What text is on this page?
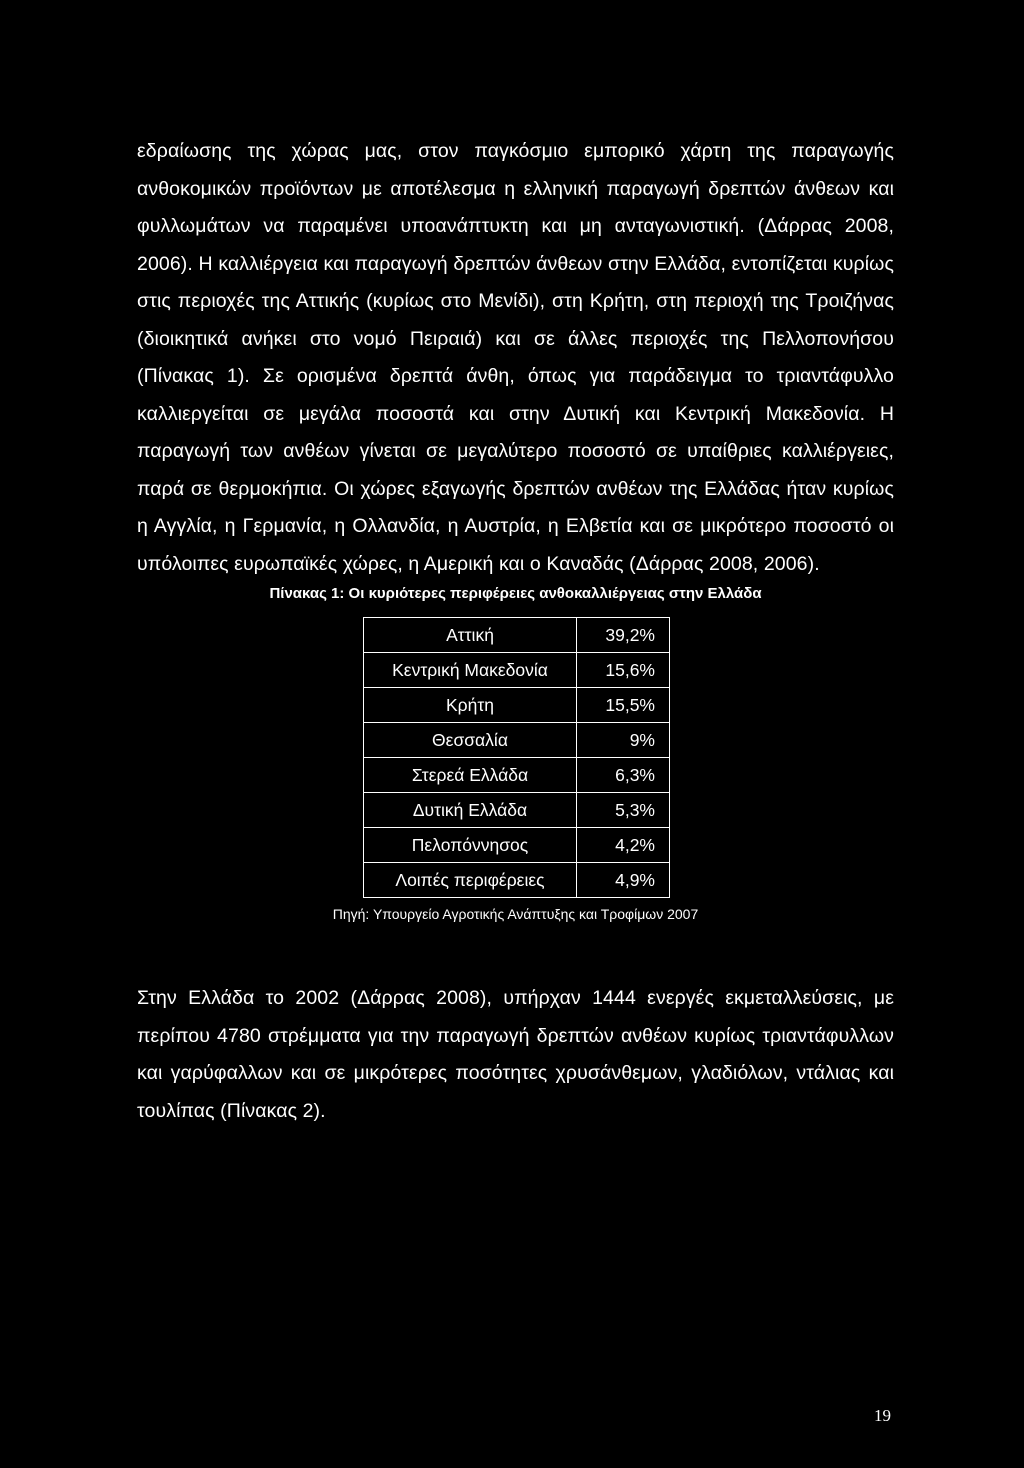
εδραίωσης της χώρας μας, στον παγκόσμιο εμπορικό χάρτη της παραγωγής ανθοκομικών προϊόντων με αποτέλεσμα η ελληνική παραγωγή δρεπτών άνθεων και φυλλωμάτων να παραμένει υποανάπτυκτη και μη ανταγωνιστική. (Δάρρας 2008, 2006). Η καλλιέργεια και παραγωγή δρεπτών άνθεων στην Ελλάδα, εντοπίζεται κυρίως στις περιοχές της Αττικής (κυρίως στο Μενίδι), στη Κρήτη, στη περιοχή της Τροιζήνας (διοικητικά ανήκει στο νομό Πειραιά) και σε άλλες περιοχές της Πελλοπονήσου (Πίνακας 1). Σε ορισμένα δρεπτά άνθη, όπως για παράδειγμα το τριαντάφυλλο καλλιεργείται σε μεγάλα ποσοστά και στην Δυτική και Κεντρική Μακεδονία. Η παραγωγή των ανθέων γίνεται σε μεγαλύτερο ποσοστό σε υπαίθριες καλλιέργειες, παρά σε θερμοκήπια. Οι χώρες εξαγωγής δρεπτών ανθέων της Ελλάδας ήταν κυρίως η Αγγλία, η Γερμανία, η Ολλανδία, η Αυστρία, η Ελβετία και σε μικρότερο ποσοστό οι υπόλοιπες ευρωπαϊκές χώρες, η Αμερική και ο Καναδάς (Δάρρας 2008, 2006).

Πίνακας 1: Οι κυριότερες περιφέρειες ανθοκαλλιέργειας στην Ελλάδα

Αττική	39,2%
Κεντρική Μακεδονία	15,6%
Κρήτη	15,5%
Θεσσαλία	9%
Στερεά Ελλάδα	6,3%
Δυτική Ελλάδα	5,3%
Πελοπόννησος	4,2%
Λοιπές περιφέρειες	4,9%

Πηγή: Υπουργείο Αγροτικής Ανάπτυξης και Τροφίμων 2007

Στην Ελλάδα το 2002 (Δάρρας 2008), υπήρχαν 1444 ενεργές εκμεταλλεύσεις, με περίπου 4780 στρέμματα για την παραγωγή δρεπτών ανθέων κυρίως τριαντάφυλλων και γαρύφαλλων και σε μικρότερες ποσότητες χρυσάνθεμων, γλαδιόλων, ντάλιας και τουλίπας (Πίνακας 2).

19
